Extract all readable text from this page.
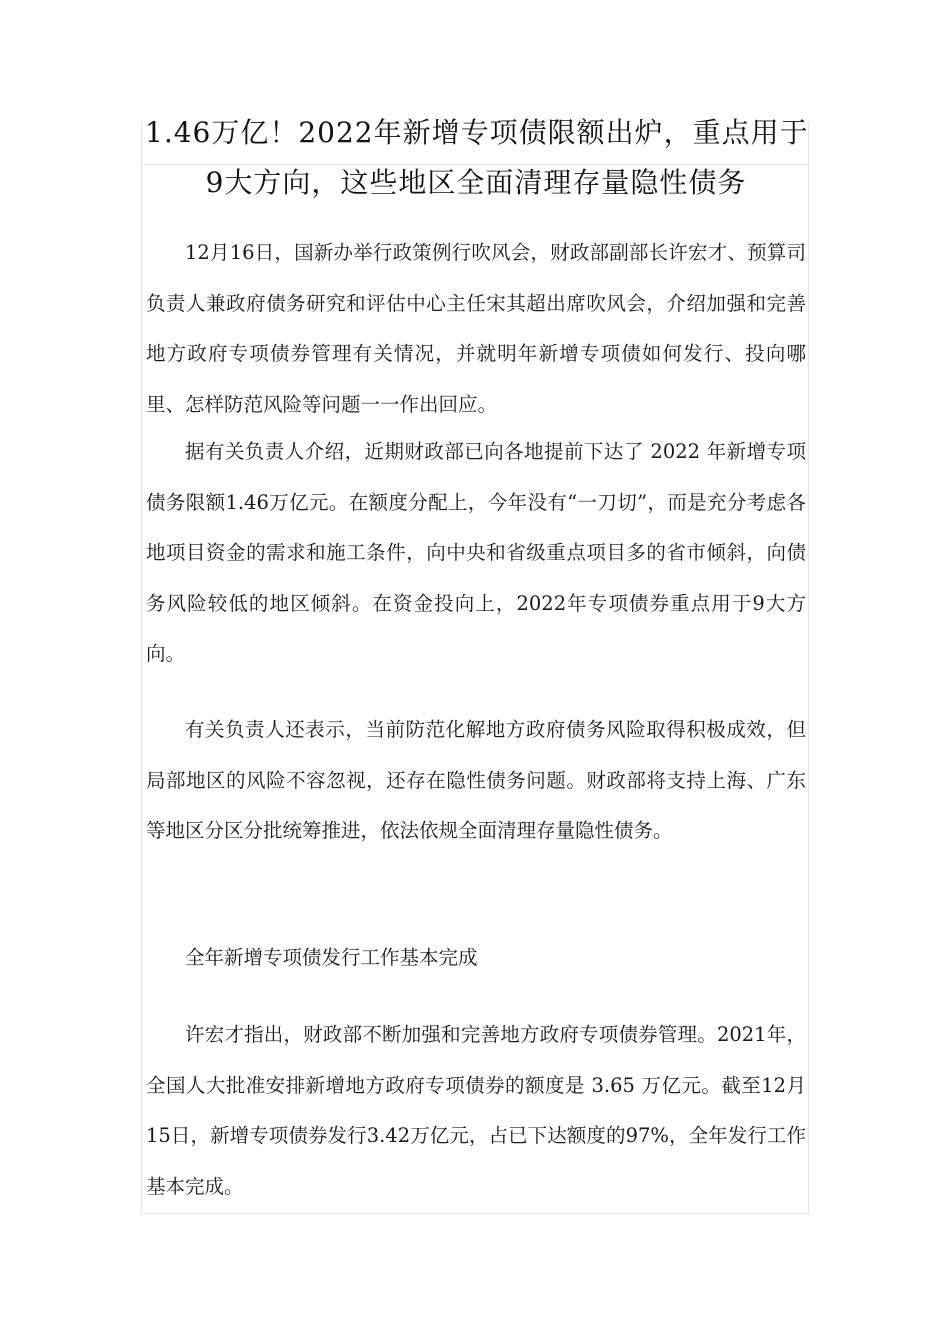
1.46万亿！2022年新增专项债限额出炉，重点用于
9大方向，这些地区全面清理存量隐性债务

12月16日，国新办举行政策例行吹风会，财政部副部长许宏才、预算司负责人兼政府债务研究和评估中心主任宋其超出席吹风会，介绍加强和完善地方政府专项债券管理有关情况，并就明年新增专项债如何发行、投向哪里、怎样防范风险等问题一一作出回应。

据有关负责人介绍，近期财政部已向各地提前下达了 2022 年新增专项债务限额1.46万亿元。在额度分配上，今年没有“一刀切”，而是充分考虑各地项目资金的需求和施工条件，向中央和省级重点项目多的省市倾斜，向债务风险较低的地区倾斜。在资金投向上，2022年专项债券重点用于9大方向。

有关负责人还表示，当前防范化解地方政府债务风险取得积极成效，但局部地区的风险不容忽视，还存在隐性债务问题。财政部将支持上海、广东等地区分区分批统筹推进，依法依规全面清理存量隐性债务。

全年新增专项债发行工作基本完成

许宏才指出，财政部不断加强和完善地方政府专项债券管理。2021年，全国人大批准安排新增地方政府专项债券的额度是 3.65 万亿元。截至12月15日，新增专项债券发行3.42万亿元，占已下达额度的97%，全年发行工作基本完成。
